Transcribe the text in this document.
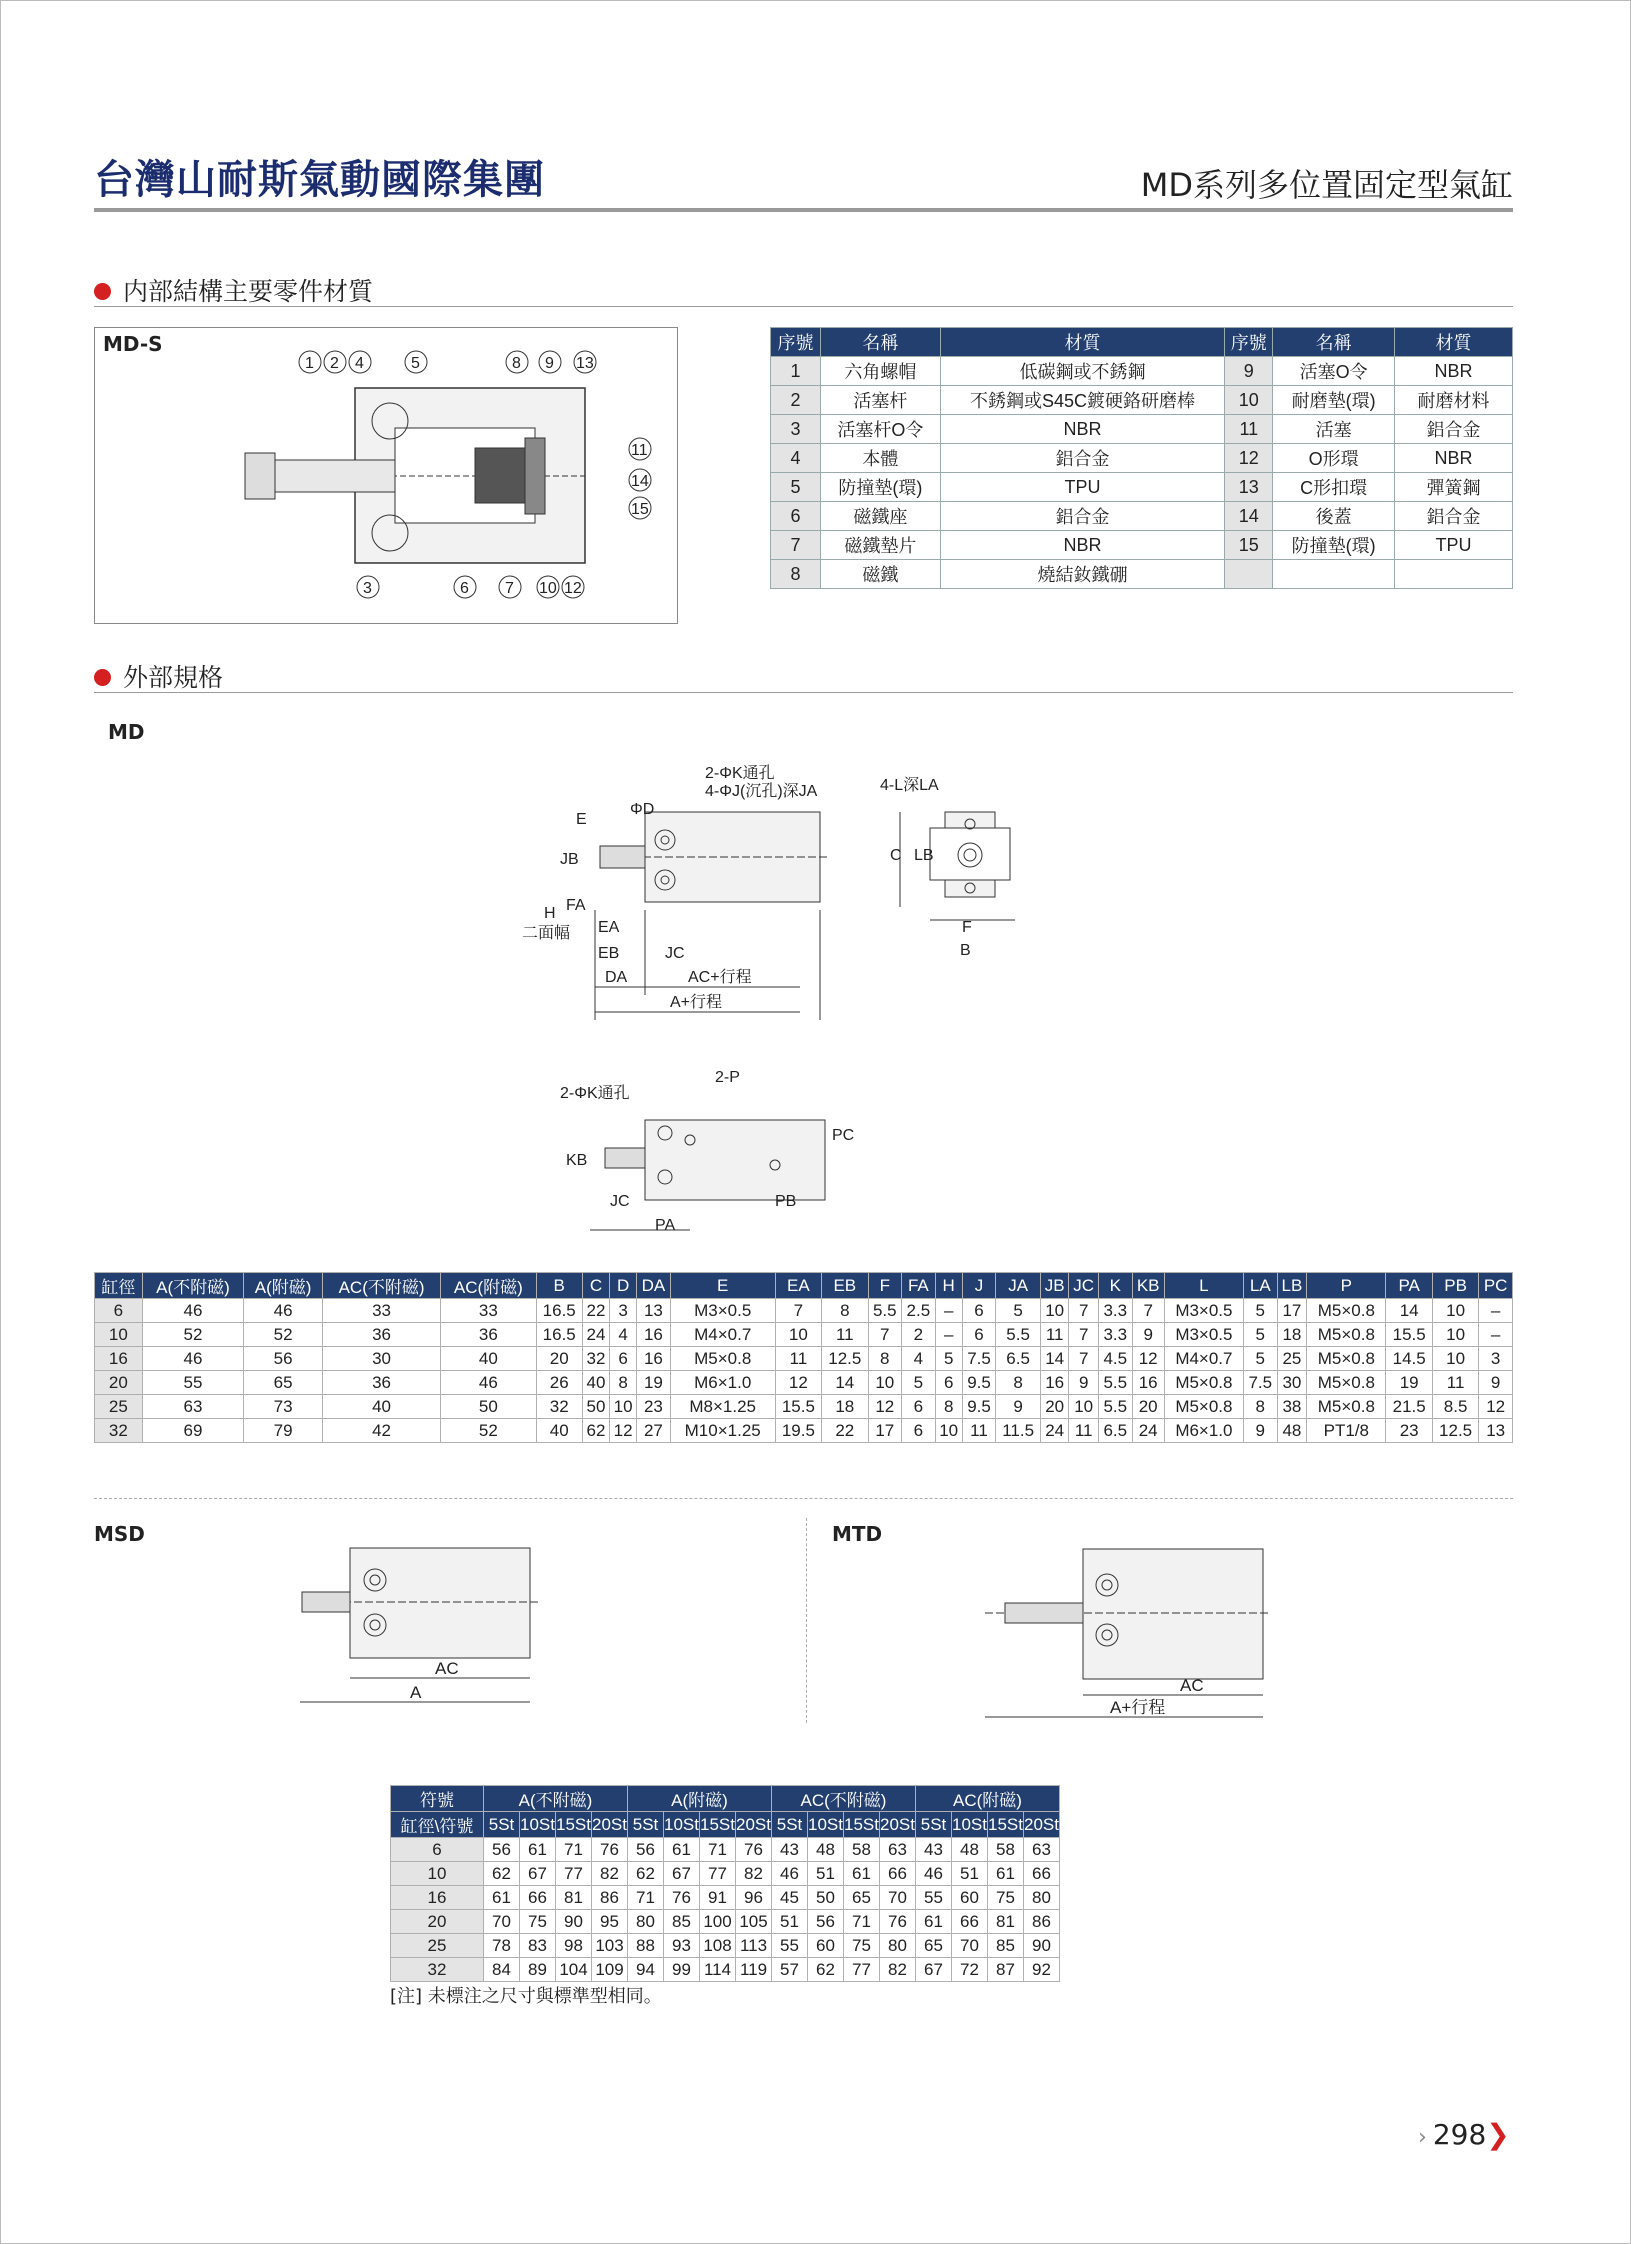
台灣山耐斯氣動國際集團	MD系列多位置固定型氣缸
内部結構主要零件材質
MD-S
1 2 4	5	8 9 13
11
14
15
3	6 7 10 12
序號	名稱	材質	序號	名稱	材質
1	六角螺帽	低碳鋼或不銹鋼	9	活塞O令	NBR
2	活塞杆	不銹鋼或S45C鍍硬鉻研磨棒	10	耐磨墊(環)	耐磨材料
3	活塞杆O令	NBR	11	活塞	鋁合金
4	本體	鋁合金	12	O形環	NBR
5	防撞墊(環)	TPU	13	C形扣環	彈簧鋼
6	磁鐵座	鋁合金	14	後蓋	鋁合金
7	磁鐵墊片	NBR	15	防撞墊(環)	TPU
8	磁鐵	燒結釹鐵硼			
外部規格
MD
2-ΦK通孔
4-ΦJ(沉孔)深JA	4-L深LA
E
ΦD
JB
FA
H
二面幅 EA
EB	JC
DA	AC+行程
A+行程
C LB
F
B
2-ΦK通孔
2-P
PC
KB
JC
PA
PB
缸徑	A(不附磁)	A(附磁)	AC(不附磁)	AC(附磁)	B	C	D	DA	E	EA	EB	F	FA	H	J	JA	JB	JC	K	KB	L	LA	LB	P	PA	PB	PC
6	46	46	33	33	16.5	22	3	13	M3×0.5	7	8	5.5	2.5	–	6	5	10	7	3.3	7	M3×0.5	5	17	M5×0.8	14	10	–
10	52	52	36	36	16.5	24	4	16	M4×0.7	10	11	7	2	–	6	5.5	11	7	3.3	9	M3×0.5	5	18	M5×0.8	15.5	10	–
16	46	56	30	40	20	32	6	16	M5×0.8	11	12.5	8	4	5	7.5	6.5	14	7	4.5	12	M4×0.7	5	25	M5×0.8	14.5	10	3
20	55	65	36	46	26	40	8	19	M6×1.0	12	14	10	5	6	9.5	8	16	9	5.5	16	M5×0.8	7.5	30	M5×0.8	19	11	9
25	63	73	40	50	32	50	10	23	M8×1.25	15.5	18	12	6	8	9.5	9	20	10	5.5	20	M5×0.8	8	38	M5×0.8	21.5	8.5	12
32	69	79	42	52	40	62	12	27	M10×1.25	19.5	22	17	6	10	11	11.5	24	11	6.5	24	M6×1.0	9	48	PT1/8	23	12.5	13
MSD	MTD
AC
A	AC
A+行程
符號	A(不附磁)				A(附磁)				AC(不附磁)				AC(附磁)			
缸徑\符號	5St	10St	15St	20St	5St	10St	15St	20St	5St	10St	15St	20St	5St	10St	15St	20St
6	56	61	71	76	56	61	71	76	43	48	58	63	43	48	58	63
10	62	67	77	82	62	67	77	82	46	51	61	66	46	51	61	66
16	61	66	81	86	71	76	91	96	45	50	65	70	55	60	75	80
20	70	75	90	95	80	85	100	105	51	56	71	76	61	66	81	86
25	78	83	98	103	88	93	108	113	55	60	75	80	65	70	85	90
32	84	89	104	109	94	99	114	119	57	62	77	82	67	72	87	92
[注] 未標注之尺寸與標準型相同。
› 298❯
